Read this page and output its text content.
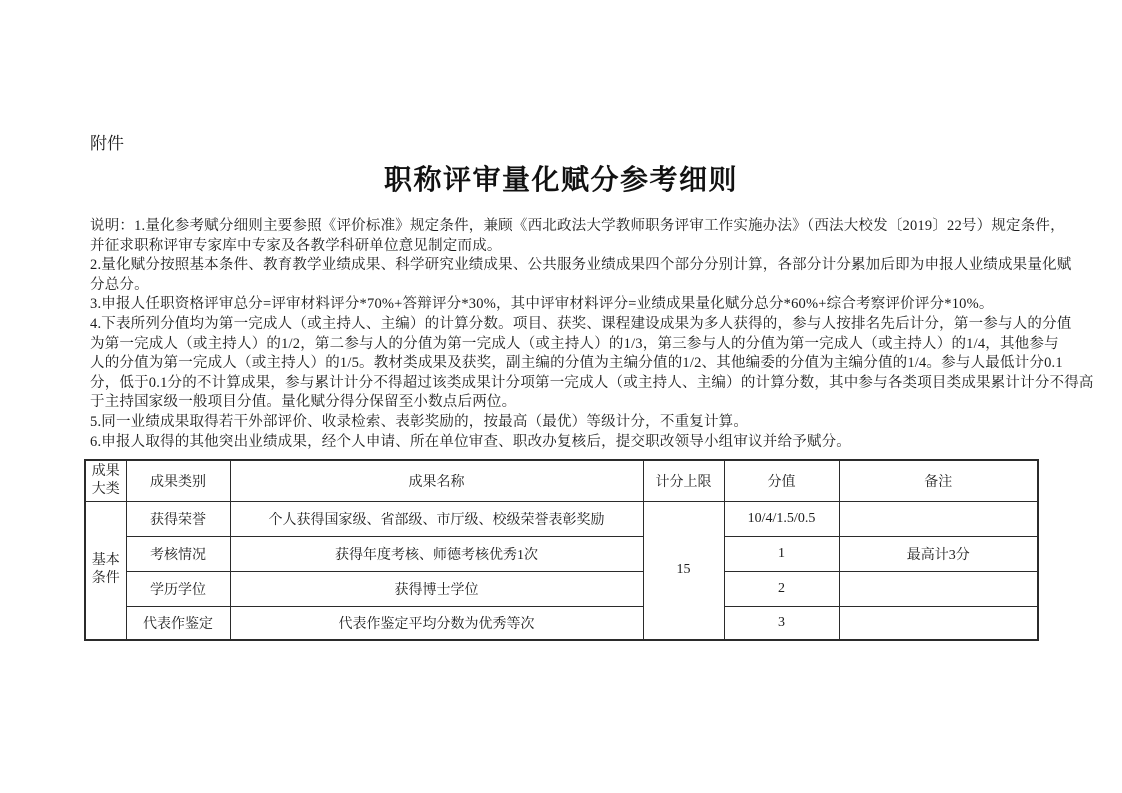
附件
职称评审量化赋分参考细则
说明：1.量化参考赋分细则主要参照《评价标准》规定条件，兼顾《西北政法大学教师职务评审工作实施办法》（西法大校发〔2019〕22号）规定条件，
并征求职称评审专家库中专家及各教学科研单位意见制定而成。
2.量化赋分按照基本条件、教育教学业绩成果、科学研究业绩成果、公共服务业绩成果四个部分分别计算，各部分计分累加后即为申报人业绩成果量化赋
分总分。
3.申报人任职资格评审总分=评审材料评分*70%+答辩评分*30%，其中评审材料评分=业绩成果量化赋分总分*60%+综合考察评价评分*10%。
4.下表所列分值均为第一完成人（或主持人、主编）的计算分数。项目、获奖、课程建设成果为多人获得的，参与人按排名先后计分，第一参与人的分值
为第一完成人（或主持人）的1/2，第二参与人的分值为第一完成人（或主持人）的1/3，第三参与人的分值为第一完成人（或主持人）的1/4，其他参与
人的分值为第一完成人（或主持人）的1/5。教材类成果及获奖，副主编的分值为主编分值的1/2、其他编委的分值为主编分值的1/4。参与人最低计分0.1
分，低于0.1分的不计算成果，参与累计计分不得超过该类成果计分项第一完成人（或主持人、主编）的计算分数，其中参与各类项目类成果累计计分不得高
于主持国家级一般项目分值。量化赋分得分保留至小数点后两位。
5.同一业绩成果取得若干外部评价、收录检索、表彰奖励的，按最高（最优）等级计分，不重复计算。
6.申报人取得的其他突出业绩成果，经个人申请、所在单位审查、职改办复核后，提交职改领导小组审议并给予赋分。
成果大类	成果类别	成果名称	计分上限	分值	备注
基本条件	获得荣誉	个人获得国家级、省部级、市厅级、校级荣誉表彰奖励	15	10/4/1.5/0.5	
	考核情况	获得年度考核、师德考核优秀1次		1	最高计3分
	学历学位	获得博士学位		2	
	代表作鉴定	代表作鉴定平均分数为优秀等次		3	
